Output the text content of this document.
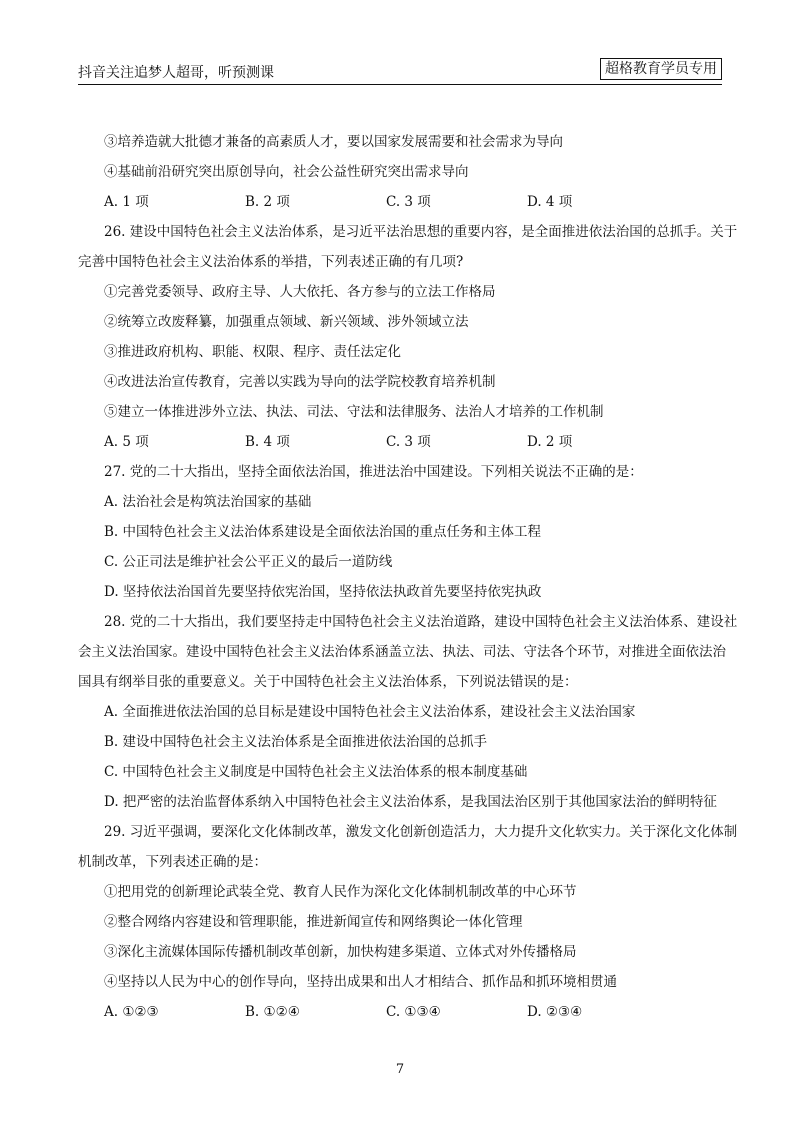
抖音关注追梦人超哥，听预测课	超格教育学员专用
③培养造就大批德才兼备的高素质人才，要以国家发展需要和社会需求为导向
④基础前沿研究突出原创导向，社会公益性研究突出需求导向
A. 1 项	B. 2 项	C. 3 项	D. 4 项
26. 建设中国特色社会主义法治体系，是习近平法治思想的重要内容，是全面推进依法治国的总抓手。关于
完善中国特色社会主义法治体系的举措，下列表述正确的有几项?
①完善党委领导、政府主导、人大依托、各方参与的立法工作格局
②统筹立改废释纂，加强重点领域、新兴领域、涉外领域立法
③推进政府机构、职能、权限、程序、责任法定化
④改进法治宣传教育，完善以实践为导向的法学院校教育培养机制
⑤建立一体推进涉外立法、执法、司法、守法和法律服务、法治人才培养的工作机制
A. 5 项	B. 4 项	C. 3 项	D. 2 项
27. 党的二十大指出，坚持全面依法治国，推进法治中国建设。下列相关说法不正确的是：
A. 法治社会是构筑法治国家的基础
B. 中国特色社会主义法治体系建设是全面依法治国的重点任务和主体工程
C. 公正司法是维护社会公平正义的最后一道防线
D. 坚持依法治国首先要坚持依宪治国，坚持依法执政首先要坚持依宪执政
28. 党的二十大指出，我们要坚持走中国特色社会主义法治道路，建设中国特色社会主义法治体系、建设社
会主义法治国家。建设中国特色社会主义法治体系涵盖立法、执法、司法、守法各个环节，对推进全面依法治
国具有纲举目张的重要意义。关于中国特色社会主义法治体系，下列说法错误的是：
A. 全面推进依法治国的总目标是建设中国特色社会主义法治体系，建设社会主义法治国家
B. 建设中国特色社会主义法治体系是全面推进依法治国的总抓手
C. 中国特色社会主义制度是中国特色社会主义法治体系的根本制度基础
D. 把严密的法治监督体系纳入中国特色社会主义法治体系，是我国法治区别于其他国家法治的鲜明特征
29. 习近平强调，要深化文化体制改革，激发文化创新创造活力，大力提升文化软实力。关于深化文化体制
机制改革，下列表述正确的是：
①把用党的创新理论武装全党、教育人民作为深化文化体制机制改革的中心环节
②整合网络内容建设和管理职能，推进新闻宣传和网络舆论一体化管理
③深化主流媒体国际传播机制改革创新，加快构建多渠道、立体式对外传播格局
④坚持以人民为中心的创作导向，坚持出成果和出人才相结合、抓作品和抓环境相贯通
A. ①②③	B. ①②④	C. ①③④	D. ②③④
7
